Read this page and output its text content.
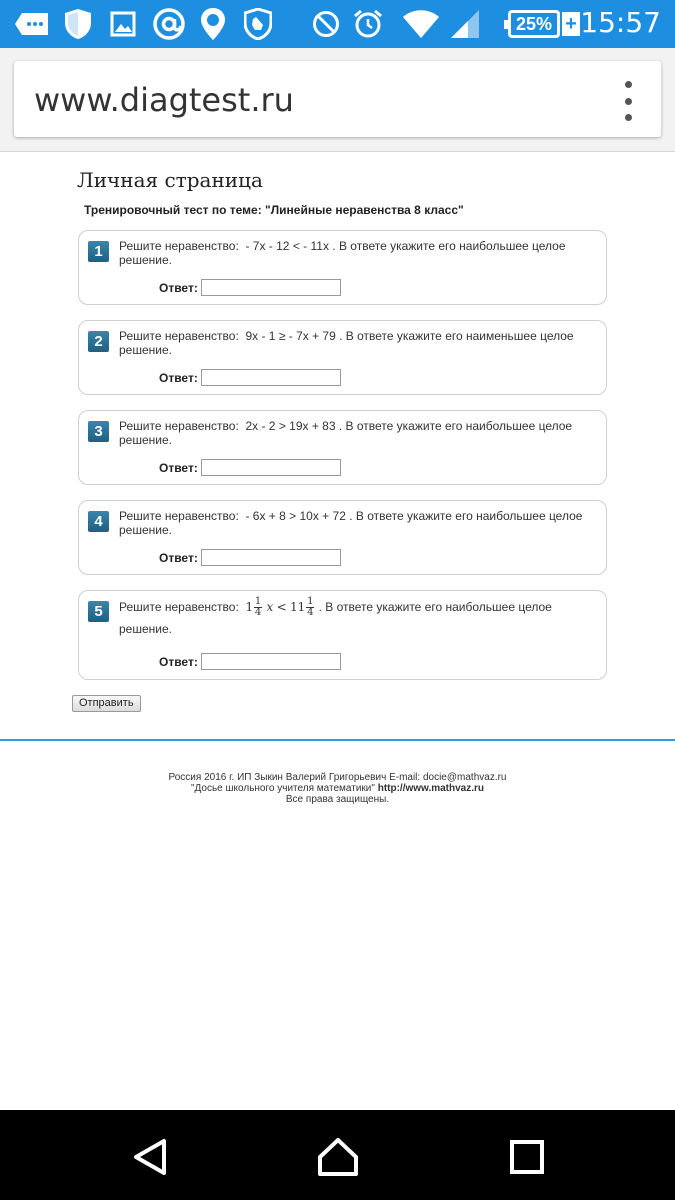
25% + 15:57
www.diagtest.ru
Личная страница
Тренировочный тест по теме: "Линейные неравенства 8 класс"
1	Решите неравенство: - 7x - 12 < - 11x . В ответе укажите его наибольшее целое решение.
Ответ:
2	Решите неравенство: 9x - 1 ≥ - 7x + 79 . В ответе укажите его наименьшее целое решение.
Ответ:
3	Решите неравенство: 2x - 2 > 19x + 83 . В ответе укажите его наибольшее целое решение.
Ответ:
4	Решите неравенство: - 6x + 8 > 10x + 72 . В ответе укажите его наибольшее целое решение.
Ответ:
5	Решите неравенство: $1 \frac{1}{4}$ $x < 11 \frac{1}{4}$ . В ответе укажите его наибольшее целое решение.
Ответ:
Отправить
Россия 2016 г. ИП Зыкин Валерий Григорьевич E-mail: docie@mathvaz.ru
"Досье школьного учителя математики" http://www.mathvaz.ru
Все права защищены.
